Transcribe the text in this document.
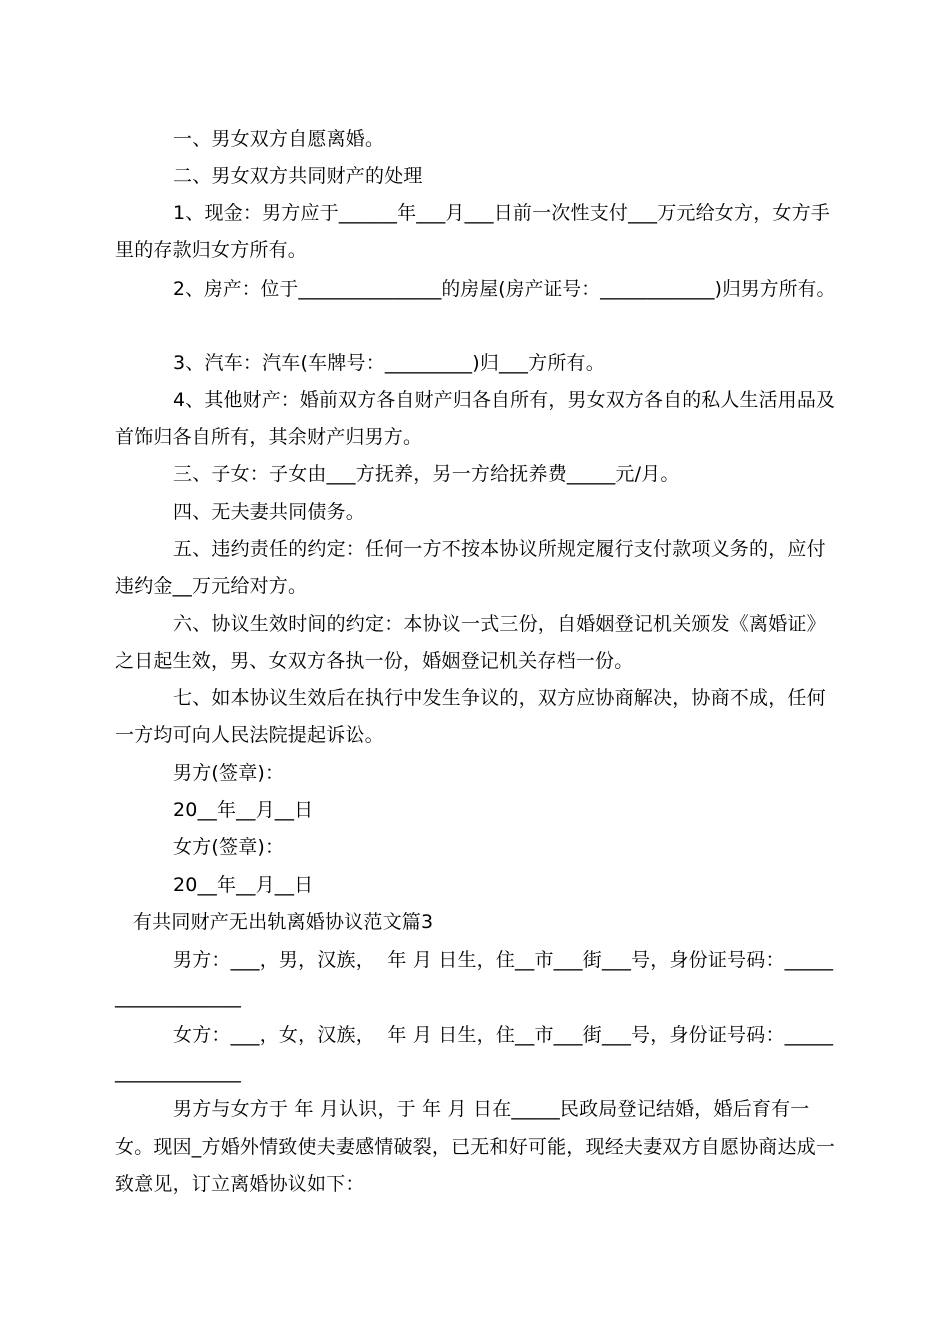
一、男女双方自愿离婚。
二、男女双方共同财产的处理
1、现金：男方应于______年___月___日前一次性支付___万元给女方，女方手
里的存款归女方所有。
2、房产：位于_______________的房屋(房产证号：____________)归男方所有。
3、汽车：汽车(车牌号：_________)归___方所有。
4、其他财产：婚前双方各自财产归各自所有，男女双方各自的私人生活用品及
首饰归各自所有，其余财产归男方。
三、子女：子女由___方抚养，另一方给抚养费_____元/月。
四、无夫妻共同债务。
五、违约责任的约定：任何一方不按本协议所规定履行支付款项义务的，应付
违约金__万元给对方。
六、协议生效时间的约定：本协议一式三份，自婚姻登记机关颁发《离婚证》
之日起生效，男、女双方各执一份，婚姻登记机关存档一份。
七、如本协议生效后在执行中发生争议的，双方应协商解决，协商不成，任何
一方均可向人民法院提起诉讼。
男方(签章)：
20__年__月__日
女方(签章)：
20__年__月__日
有共同财产无出轨离婚协议范文篇3
男方：___，男，汉族，  年 月 日生，住__市___街___号，身份证号码：_____
_____________
女方：___，女，汉族，  年 月 日生，住__市___街___号，身份证号码：_____
_____________
男方与女方于 年 月认识，于 年 月 日在_____民政局登记结婚，婚后育有一
女。现因_方婚外情致使夫妻感情破裂，已无和好可能，现经夫妻双方自愿协商达成一
致意见，订立离婚协议如下：
